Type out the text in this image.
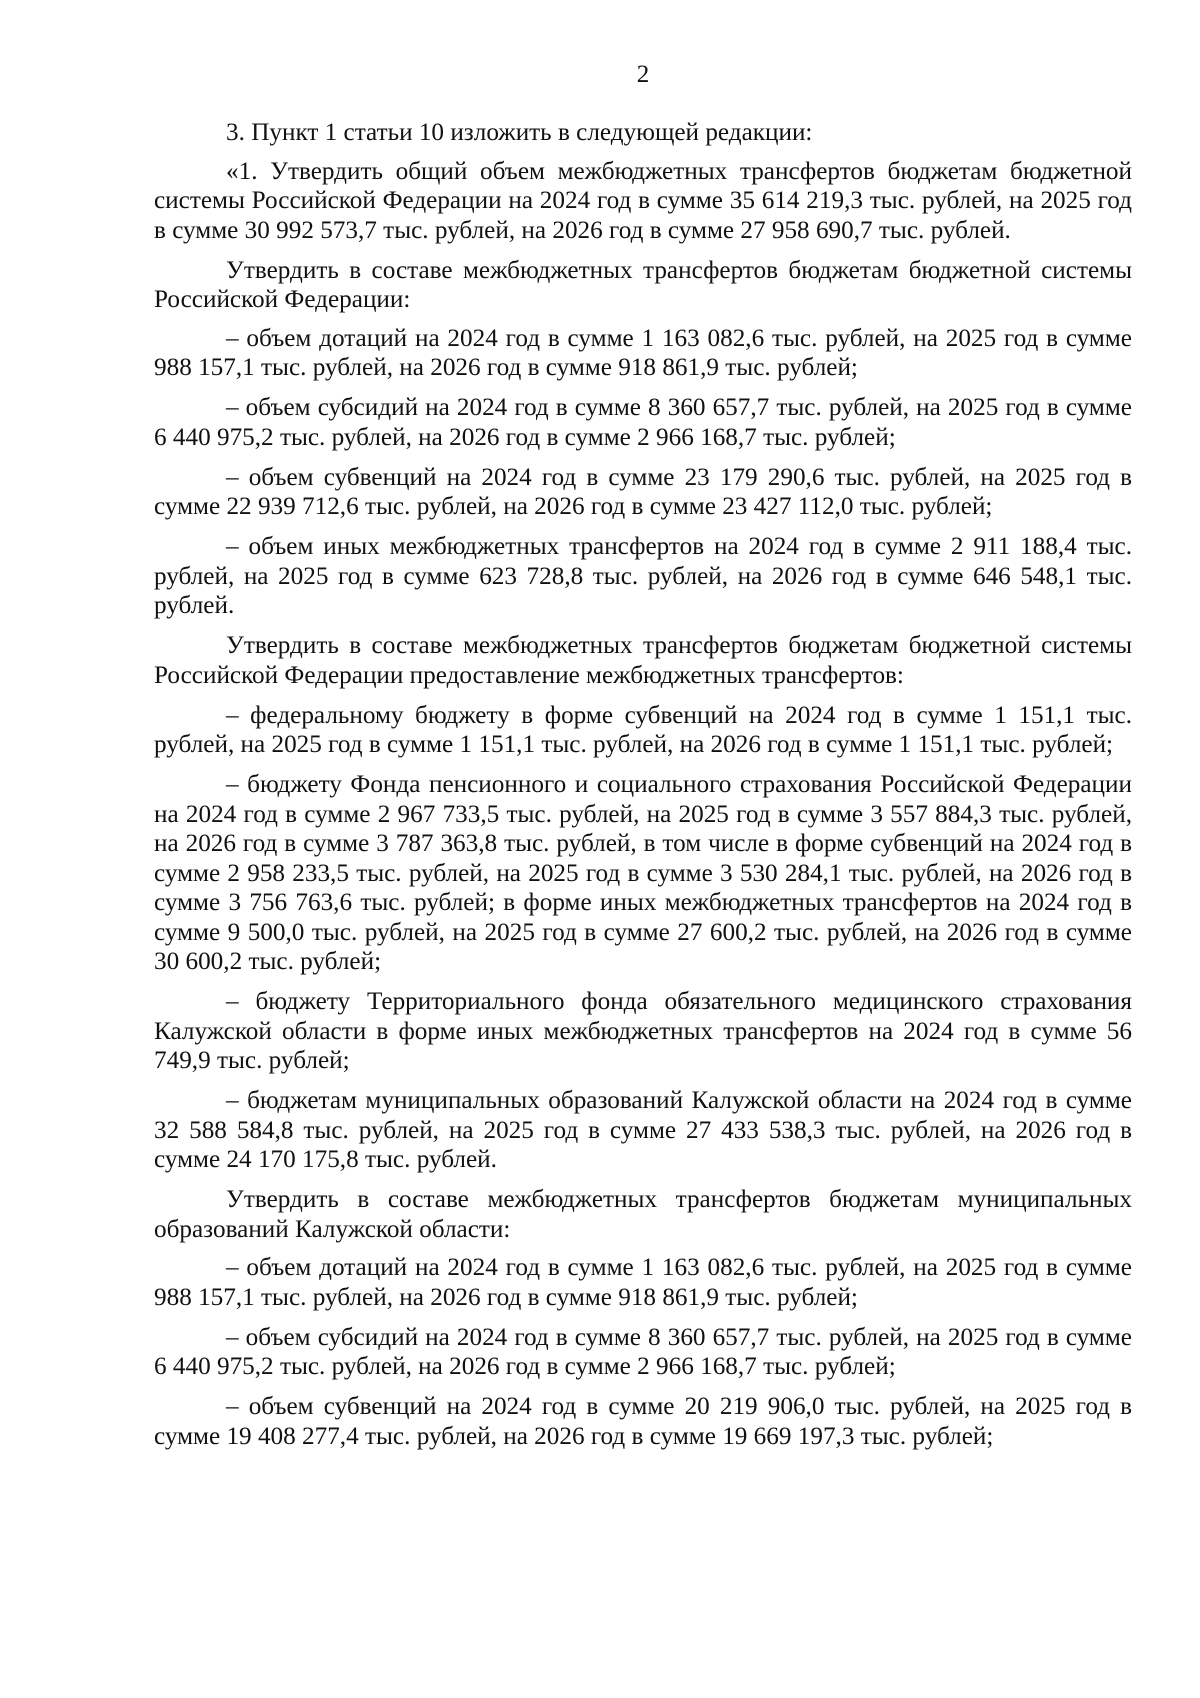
2

3. Пункт 1 статьи 10 изложить в следующей редакции:

«1. Утвердить общий объем межбюджетных трансфертов бюджетам бюджетной системы Российской Федерации на 2024 год в сумме 35 614 219,3 тыс. рублей, на 2025 год в сумме 30 992 573,7 тыс. рублей, на 2026 год в сумме 27 958 690,7 тыс. рублей.

Утвердить в составе межбюджетных трансфертов бюджетам бюджетной системы Российской Федерации:

– объем дотаций на 2024 год в сумме 1 163 082,6 тыс. рублей, на 2025 год в сумме 988 157,1 тыс. рублей, на 2026 год в сумме 918 861,9 тыс. рублей;

– объем субсидий на 2024 год в сумме 8 360 657,7 тыс. рублей, на 2025 год в сумме 6 440 975,2 тыс. рублей, на 2026 год в сумме 2 966 168,7 тыс. рублей;

– объем субвенций на 2024 год в сумме 23 179 290,6 тыс. рублей, на 2025 год в сумме 22 939 712,6 тыс. рублей, на 2026 год в сумме 23 427 112,0 тыс. рублей;

– объем иных межбюджетных трансфертов на 2024 год в сумме 2 911 188,4 тыс. рублей, на 2025 год в сумме 623 728,8 тыс. рублей, на 2026 год в сумме 646 548,1 тыс. рублей.

Утвердить в составе межбюджетных трансфертов бюджетам бюджетной системы Российской Федерации предоставление межбюджетных трансфертов:

– федеральному бюджету в форме субвенций на 2024 год в сумме 1 151,1 тыс. рублей, на 2025 год в сумме 1 151,1 тыс. рублей, на 2026 год в сумме 1 151,1 тыс. рублей;

– бюджету Фонда пенсионного и социального страхования Российской Федерации на 2024 год в сумме 2 967 733,5 тыс. рублей, на 2025 год в сумме 3 557 884,3 тыс. рублей, на 2026 год в сумме 3 787 363,8 тыс. рублей, в том числе в форме субвенций на 2024 год в сумме 2 958 233,5 тыс. рублей, на 2025 год в сумме 3 530 284,1 тыс. рублей, на 2026 год в сумме 3 756 763,6 тыс. рублей; в форме иных межбюджетных трансфертов на 2024 год в сумме 9 500,0 тыс. рублей, на 2025 год в сумме 27 600,2 тыс. рублей, на 2026 год в сумме 30 600,2 тыс. рублей;

– бюджету Территориального фонда обязательного медицинского страхования Калужской области в форме иных межбюджетных трансфертов на 2024 год в сумме 56 749,9 тыс. рублей;

– бюджетам муниципальных образований Калужской области на 2024 год в сумме 32 588 584,8 тыс. рублей, на 2025 год в сумме 27 433 538,3 тыс. рублей, на 2026 год в сумме 24 170 175,8 тыс. рублей.

Утвердить в составе межбюджетных трансфертов бюджетам муниципальных образований Калужской области:

– объем дотаций на 2024 год в сумме 1 163 082,6 тыс. рублей, на 2025 год в сумме 988 157,1 тыс. рублей, на 2026 год в сумме 918 861,9 тыс. рублей;

– объем субсидий на 2024 год в сумме 8 360 657,7 тыс. рублей, на 2025 год в сумме 6 440 975,2 тыс. рублей, на 2026 год в сумме 2 966 168,7 тыс. рублей;

– объем субвенций на 2024 год в сумме 20 219 906,0 тыс. рублей, на 2025 год в сумме 19 408 277,4 тыс. рублей, на 2026 год в сумме 19 669 197,3 тыс. рублей;
